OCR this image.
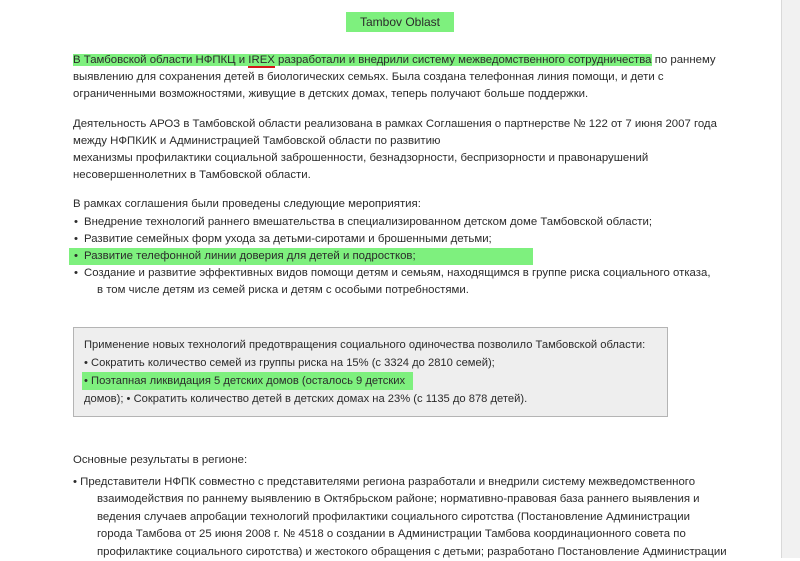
Tambov Oblast

В Тамбовской области НФПКЦ и IREX разработали и внедрили систему межведомственного сотрудничества по раннему
выявлению для сохранения детей в биологических семьях. Была создана телефонная линия помощи, и дети с
ограниченными возможностями, живущие в детских домах, теперь получают больше поддержки.

Деятельность АРОЗ в Тамбовской области реализована в рамках Соглашения о партнерстве № 122 от 7 июня 2007 года
между НФПКИК и Администрацией Тамбовской области по развитию
механизмы профилактики социальной заброшенности, безнадзорности, беспризорности и правонарушений
несовершеннолетних в Тамбовской области.

В рамках соглашения были проведены следующие мероприятия:

• Внедрение технологий раннего вмешательства в специализированном детском доме Тамбовской области;
• Развитие семейных форм ухода за детьми-сиротами и брошенными детьми;
• Развитие телефонной линии доверия для детей и подростков;
• Создание и развитие эффективных видов помощи детям и семьям, находящимся в группе риска социального отказа,

в том числе детям из семей риска и детям с особыми потребностями.

Применение новых технологий предотвращения социального одиночества позволило Тамбовской области:
• Сократить количество семей из группы риска на 15% (с 3324 до 2810 семей);
• Поэтапная ликвидация 5 детских домов (осталось 9 детских
домов); • Сократить количество детей в детских домах на 23% (с 1135 до 878 детей).

Основные результаты в регионе:

• Представители НФПК совместно с представителями региона разработали и внедрили систему межведомственного

взаимодействия по раннему выявлению в Октябрьском районе; нормативно-правовая база раннего выявления и

ведения случаев апробации технологий профилактики социального сиротства (Постановление Администрации

города Тамбова от 25 июня 2008 г. № 4518 о создании в Администрации Тамбова координационного совета по

профилактике социального сиротства) и жестокого обращения с детьми; разработано Постановление Администрации
